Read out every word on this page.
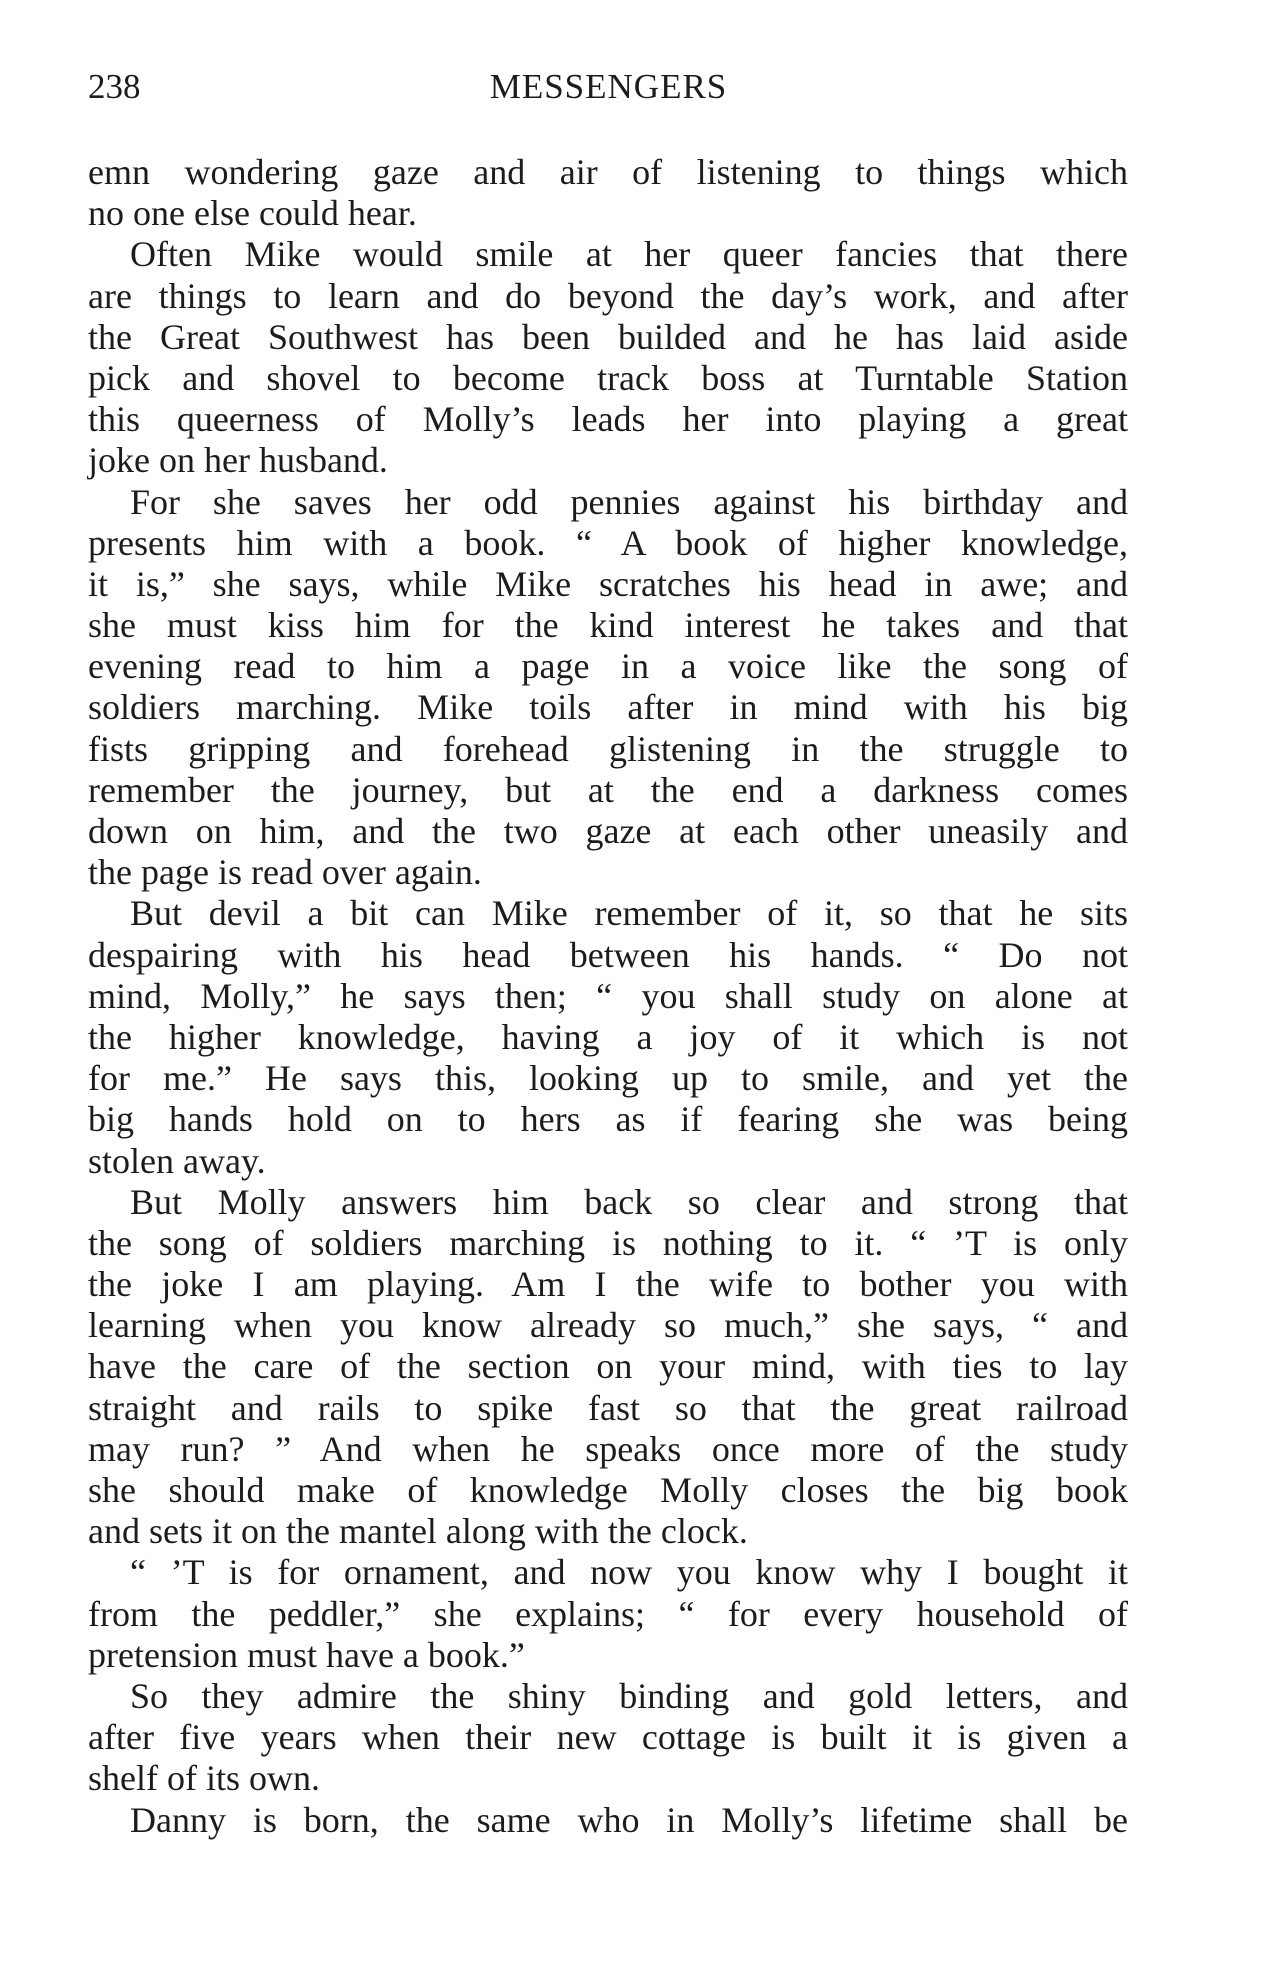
238	MESSENGERS
emn wondering gaze and air of listening to things which
no one else could hear.
Often Mike would smile at her queer fancies that there
are things to learn and do beyond the day’s work, and after
the Great Southwest has been builded and he has laid aside
pick and shovel to become track boss at Turntable Station
this queerness of Molly’s leads her into playing a great
joke on her husband.
For she saves her odd pennies against his birthday and
presents him with a book. “ A book of higher knowledge,
it is,” she says, while Mike scratches his head in awe; and
she must kiss him for the kind interest he takes and that
evening read to him a page in a voice like the song of
soldiers marching. Mike toils after in mind with his big
fists gripping and forehead glistening in the struggle to
remember the journey, but at the end a darkness comes
down on him, and the two gaze at each other uneasily and
the page is read over again.
But devil a bit can Mike remember of it, so that he sits
despairing with his head between his hands. “ Do not
mind, Molly,” he says then; “ you shall study on alone at
the higher knowledge, having a joy of it which is not
for me.” He says this, looking up to smile, and yet the
big hands hold on to hers as if fearing she was being
stolen away.
But Molly answers him back so clear and strong that
the song of soldiers marching is nothing to it. “ ’T is only
the joke I am playing. Am I the wife to bother you with
learning when you know already so much,” she says, “ and
have the care of the section on your mind, with ties to lay
straight and rails to spike fast so that the great railroad
may run? ” And when he speaks once more of the study
she should make of knowledge Molly closes the big book
and sets it on the mantel along with the clock.
“ ’T is for ornament, and now you know why I bought it
from the peddler,” she explains; “ for every household of
pretension must have a book.”
So they admire the shiny binding and gold letters, and
after five years when their new cottage is built it is given a
shelf of its own.
Danny is born, the same who in Molly’s lifetime shall be
